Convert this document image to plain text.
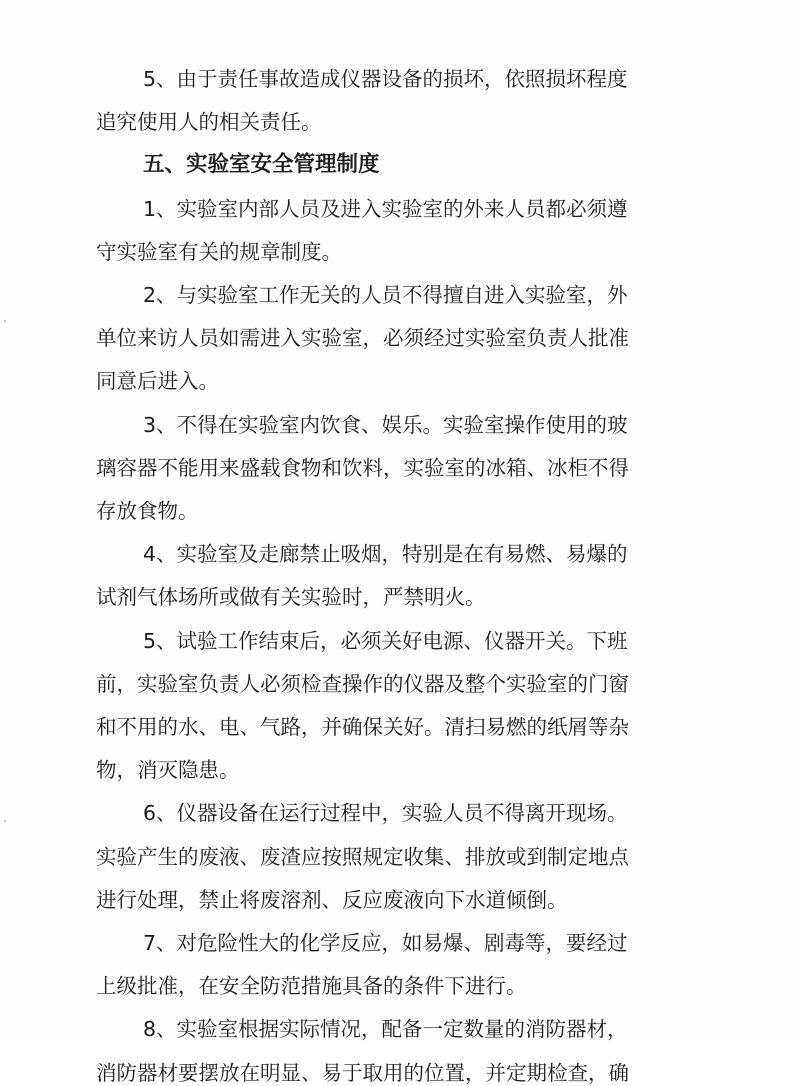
5、由于责任事故造成仪器设备的损坏，依照损坏程度
追究使用人的相关责任。
五、实验室安全管理制度
1、实验室内部人员及进入实验室的外来人员都必须遵
守实验室有关的规章制度。
2、与实验室工作无关的人员不得擅自进入实验室，外
单位来访人员如需进入实验室，必须经过实验室负责人批准
同意后进入。
3、不得在实验室内饮食、娱乐。实验室操作使用的玻
璃容器不能用来盛载食物和饮料，实验室的冰箱、冰柜不得
存放食物。
4、实验室及走廊禁止吸烟，特别是在有易燃、易爆的
试剂气体场所或做有关实验时，严禁明火。
5、试验工作结束后，必须关好电源、仪器开关。下班
前，实验室负责人必须检查操作的仪器及整个实验室的门窗
和不用的水、电、气路，并确保关好。清扫易燃的纸屑等杂
物，消灭隐患。
6、仪器设备在运行过程中，实验人员不得离开现场。
实验产生的废液、废渣应按照规定收集、排放或到制定地点
进行处理，禁止将废溶剂、反应废液向下水道倾倒。
7、对危险性大的化学反应，如易爆、剧毒等，要经过
上级批准，在安全防范措施具备的条件下进行。
8、实验室根据实际情况，配备一定数量的消防器材，
消防器材要摆放在明显、易于取用的位置，并定期检查，确
